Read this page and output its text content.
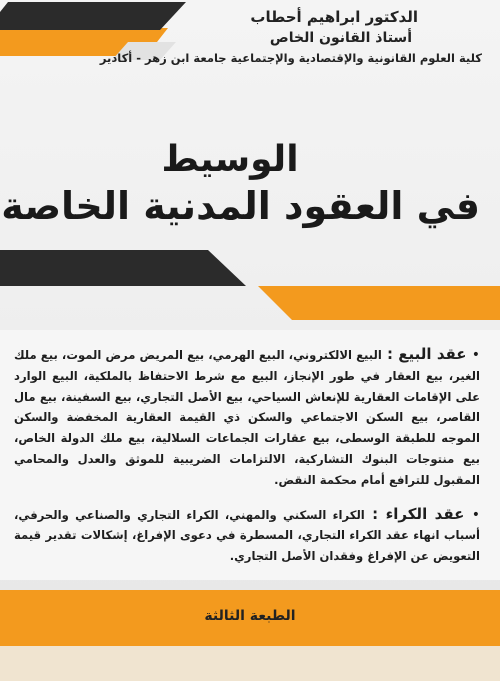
الدكتور ابراهيم أحطاب
أستاذ القانون الخاص
كلية العلوم القانونية والإقتصادية والإجتماعية جامعة ابن زهر - أكادير
الوسيط
في العقود المدنية الخاصة
• عقد البيع : البيع الالكتروني، البيع الهرمي، بيع المريض مرض الموت، بيع ملك الغير، بيع العقار في طور الإنجاز، البيع مع شرط الاحتفاظ بالملكية، البيع الوارد على الإقامات العقارية للإنعاش السياحي، بيع الأصل التجاري، بيع السفينة، بيع مال القاصر، بيع السكن الاجتماعي والسكن ذي القيمة العقارية المخفضة والسكن الموجه للطبقة الوسطى، بيع عقارات الجماعات السلالية، بيع ملك الدولة الخاص، بيع منتوجات البنوك التشاركية، الالتزامات الضريبية للموثق والعدل والمحامي المقبول للترافع أمام محكمة النقض.
• عقد الكراء : الكراء السكني والمهني، الكراء التجاري والصناعي والحرفي، أسباب انهاء عقد الكراء التجاري، المسطرة في دعوى الإفراغ، إشكالات تقدير قيمة التعويض عن الإفراغ وفقدان الأصل التجاري.
الطبعة الثالثة
